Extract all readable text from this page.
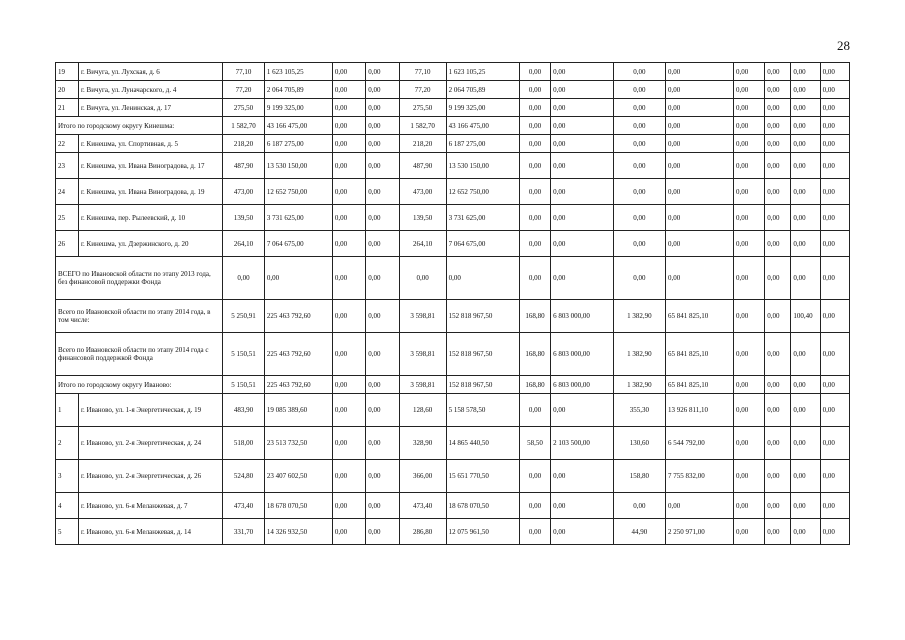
28
19	г. Вичуга, ул. Лухская, д. 6	77,10	1 623 105,25	0,00	0,00	77,10	1 623 105,25	0,00	0,00	0,00	0,00	0,00	0,00	0,00	0,00
20	г. Вичуга, ул. Луначарского, д. 4	77,20	2 064 705,89	0,00	0,00	77,20	2 064 705,89	0,00	0,00	0,00	0,00	0,00	0,00	0,00	0,00
21	г. Вичуга, ул. Ленинская, д. 17	275,50	9 199 325,00	0,00	0,00	275,50	9 199 325,00	0,00	0,00	0,00	0,00	0,00	0,00	0,00	0,00
Итого по городскому округу Кинешма:		1 582,70	43 166 475,00	0,00	0,00	1 582,70	43 166 475,00	0,00	0,00	0,00	0,00	0,00	0,00	0,00	0,00
22	г. Кинешма, ул. Спортивная, д. 5	218,20	6 187 275,00	0,00	0,00	218,20	6 187 275,00	0,00	0,00	0,00	0,00	0,00	0,00	0,00	0,00
23	г. Кинешма, ул. Ивана Виноградова, д. 17	487,90	13 530 150,00	0,00	0,00	487,90	13 530 150,00	0,00	0,00	0,00	0,00	0,00	0,00	0,00	0,00
24	г. Кинешма, ул. Ивана Виноградова, д. 19	473,00	12 652 750,00	0,00	0,00	473,00	12 652 750,00	0,00	0,00	0,00	0,00	0,00	0,00	0,00	0,00
25	г. Кинешма, пер. Рылеевский, д. 10	139,50	3 731 625,00	0,00	0,00	139,50	3 731 625,00	0,00	0,00	0,00	0,00	0,00	0,00	0,00	0,00
26	г. Кинешма, ул. Дзержинского, д. 20	264,10	7 064 675,00	0,00	0,00	264,10	7 064 675,00	0,00	0,00	0,00	0,00	0,00	0,00	0,00	0,00
ВСЕГО по Ивановской области по этапу 2013 года, без финансовой поддержки Фонда		0,00	0,00	0,00	0,00	0,00	0,00	0,00	0,00	0,00	0,00	0,00	0,00	0,00	0,00
Всего по Ивановской области по этапу 2014 года, в том числе:		5 250,91	225 463 792,60	0,00	0,00	3 598,81	152 818 967,50	168,80	6 803 000,00	1 382,90	65 841 825,10	0,00	0,00	100,40	0,00
Всего по Ивановской области по этапу 2014 года с финансовой поддержкой Фонда		5 150,51	225 463 792,60	0,00	0,00	3 598,81	152 818 967,50	168,80	6 803 000,00	1 382,90	65 841 825,10	0,00	0,00	0,00	0,00
Итого по городскому округу Иваново:		5 150,51	225 463 792,60	0,00	0,00	3 598,81	152 818 967,50	168,80	6 803 000,00	1 382,90	65 841 825,10	0,00	0,00	0,00	0,00
1	г. Иваново, ул. 1-я Энергетическая, д. 19	483,90	19 085 389,60	0,00	0,00	128,60	5 158 578,50	0,00	0,00	355,30	13 926 811,10	0,00	0,00	0,00	0,00
2	г. Иваново, ул. 2-я Энергетическая, д. 24	518,00	23 513 732,50	0,00	0,00	328,90	14 865 440,50	58,50	2 103 500,00	130,60	6 544 792,00	0,00	0,00	0,00	0,00
3	г. Иваново, ул. 2-я Энергетическая, д. 26	524,80	23 407 602,50	0,00	0,00	366,00	15 651 770,50	0,00	0,00	158,80	7 755 832,00	0,00	0,00	0,00	0,00
4	г. Иваново, ул. 6-я Меланжевая, д. 7	473,40	18 678 070,50	0,00	0,00	473,40	18 678 070,50	0,00	0,00	0,00	0,00	0,00	0,00	0,00	0,00
5	г. Иваново, ул. 6-я Меланжевая, д. 14	331,70	14 326 932,50	0,00	0,00	286,80	12 075 961,50	0,00	0,00	44,90	2 250 971,00	0,00	0,00	0,00	0,00
